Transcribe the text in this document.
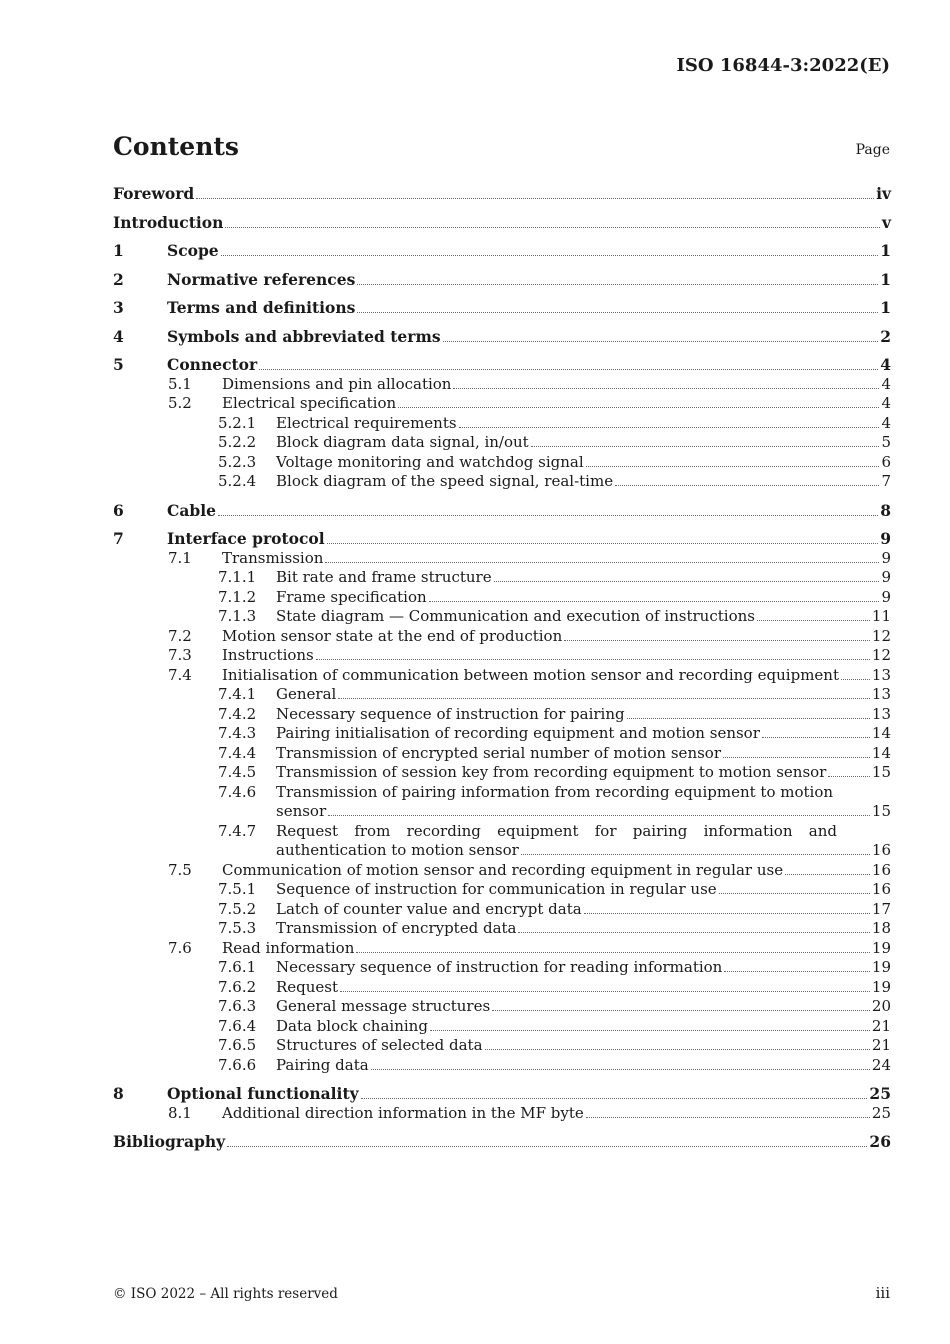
ISO 16844-3:2022(E)
Contents	Page
Foreword	iv
Introduction	v
1	Scope	1
2	Normative references	1
3	Terms and definitions	1
4	Symbols and abbreviated terms	2
5	Connector	4
5.1 Dimensions and pin allocation	4
5.2 Electrical specification	4
5.2.1 Electrical requirements	4
5.2.2 Block diagram data signal, in/out	5
5.2.3 Voltage monitoring and watchdog signal	6
5.2.4 Block diagram of the speed signal, real-time	7
6	Cable	8
7	Interface protocol	9
7.1 Transmission	9
7.1.1 Bit rate and frame structure	9
7.1.2 Frame specification	9
7.1.3 State diagram — Communication and execution of instructions	11
7.2 Motion sensor state at the end of production	12
7.3 Instructions	12
7.4 Initialisation of communication between motion sensor and recording equipment 13
7.4.1 General	13
7.4.2 Necessary sequence of instruction for pairing	13
7.4.3 Pairing initialisation of recording equipment and motion sensor	14
7.4.4 Transmission of encrypted serial number of motion sensor	14
7.4.5 Transmission of session key from recording equipment to motion sensor	15
7.4.6 Transmission of pairing information from recording equipment to motion
sensor	15
7.4.7 Request from recording equipment for pairing information and
authentication to motion sensor	16
7.5 Communication of motion sensor and recording equipment in regular use	16
7.5.1 Sequence of instruction for communication in regular use	16
7.5.2 Latch of counter value and encrypt data	17
7.5.3 Transmission of encrypted data	18
7.6 Read information	19
7.6.1 Necessary sequence of instruction for reading information	19
7.6.2 Request	19
7.6.3 General message structures	20
7.6.4 Data block chaining	21
7.6.5 Structures of selected data	21
7.6.6 Pairing data	24
8	Optional functionality	25
8.1 Additional direction information in the MF byte	25
Bibliography	26
© ISO 2022 – All rights reserved	iii
